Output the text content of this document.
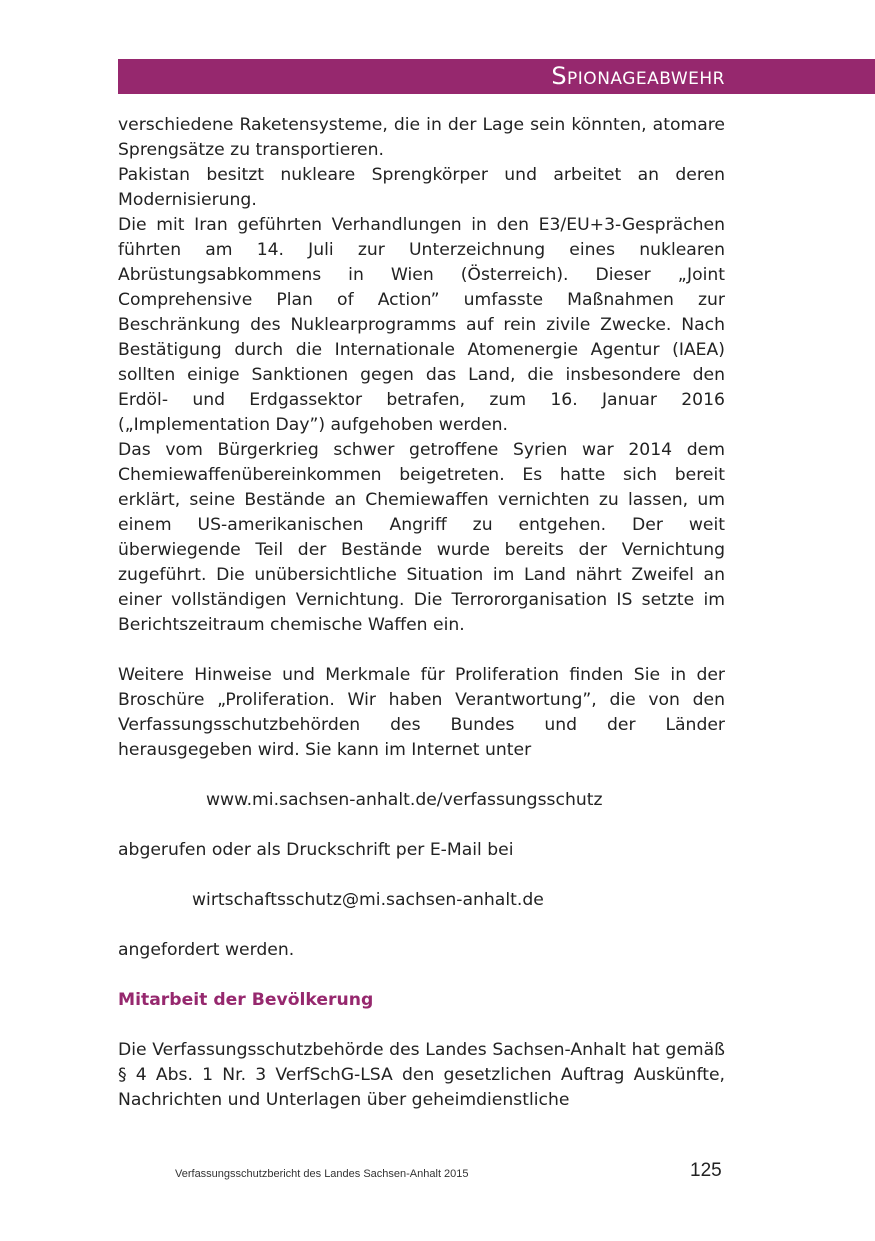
Spionageabwehr

verschiedene Raketensysteme, die in der Lage sein könnten, atomare Sprengsätze zu transportieren.

Pakistan besitzt nukleare Sprengkörper und arbeitet an deren Modernisierung.

Die mit Iran geführten Verhandlungen in den E3/EU+3-Gesprächen führten am 14. Juli zur Unterzeichnung eines nuklearen Abrüstungsabkommens in Wien (Österreich). Dieser „Joint Comprehensive Plan of Action” umfasste Maßnahmen zur Beschränkung des Nuklearprogramms auf rein zivile Zwecke. Nach Bestätigung durch die Internationale Atomenergie Agentur (IAEA) sollten einige Sanktionen gegen das Land, die insbesondere den Erdöl- und Erdgassektor betrafen, zum 16. Januar 2016 („Implementation Day”) aufgehoben werden.

Das vom Bürgerkrieg schwer getroffene Syrien war 2014 dem Chemiewaffenübereinkommen beigetreten. Es hatte sich bereit erklärt, seine Bestände an Chemiewaffen vernichten zu lassen, um einem US-amerikanischen Angriff zu entgehen. Der weit überwiegende Teil der Bestände wurde bereits der Vernichtung zugeführt. Die unübersichtliche Situation im Land nährt Zweifel an einer vollständigen Vernichtung. Die Terrororganisation IS setzte im Berichtszeitraum chemische Waffen ein.

Weitere Hinweise und Merkmale für Proliferation finden Sie in der Broschüre „Proliferation. Wir haben Verantwortung”, die von den Verfassungsschutzbehörden des Bundes und der Länder herausgegeben wird. Sie kann im Internet unter

www.mi.sachsen-anhalt.de/verfassungsschutz

abgerufen oder als Druckschrift per E-Mail bei

wirtschaftsschutz@mi.sachsen-anhalt.de

angefordert werden.

Mitarbeit der Bevölkerung

Die Verfassungsschutzbehörde des Landes Sachsen-Anhalt hat gemäß § 4 Abs. 1 Nr. 3 VerfSchG-LSA den gesetzlichen Auftrag Auskünfte, Nachrichten und Unterlagen über geheimdienstliche

Verfassungsschutzbericht des Landes Sachsen-Anhalt 2015	125
